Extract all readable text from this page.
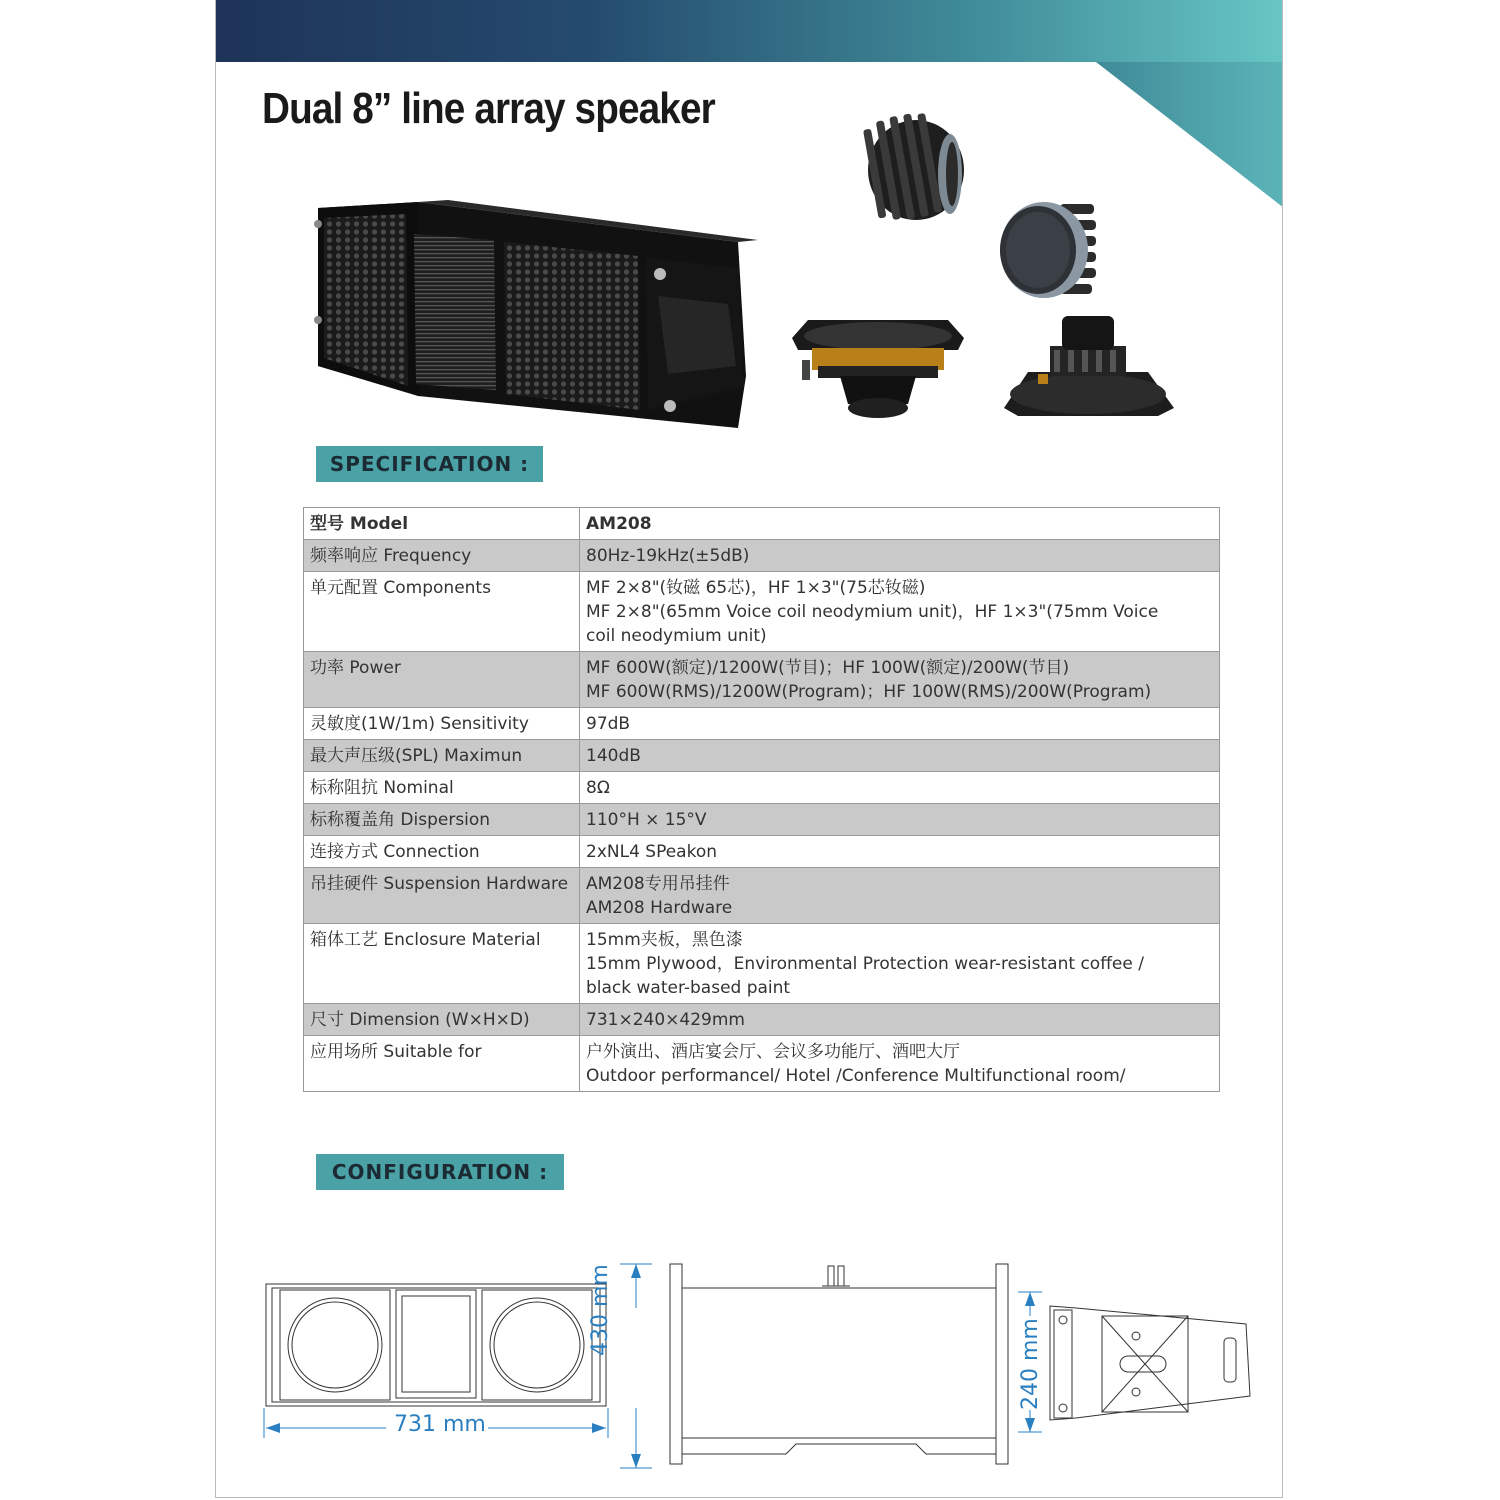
Dual 8” line array speaker
SPECIFICATION :
型号 Model	AM208

频率响应 Frequency	80Hz-19kHz(±5dB)

单元配置 Components	MF 2×8"(钕磁 65芯)，HF 1×3"(75芯钕磁)
MF 2×8"(65mm Voice coil neodymium unit)，HF 1×3"(75mm Voice
coil neodymium unit)

功率 Power	MF 600W(额定)/1200W(节目)；HF 100W(额定)/200W(节目)
MF 600W(RMS)/1200W(Program)；HF 100W(RMS)/200W(Program)

灵敏度(1W/1m) Sensitivity	97dB

最大声压级(SPL) Maximun	140dB

标称阻抗 Nominal	8Ω

标称覆盖角 Dispersion	110°H × 15°V

连接方式 Connection	2xNL4 SPeakon

吊挂硬件 Suspension Hardware	AM208专用吊挂件
AM208 Hardware

箱体工艺 Enclosure Material	15mm夹板，黑色漆
15mm Plywood，Environmental Protection wear-resistant coffee /
black water-based paint

尺寸 Dimension (W×H×D)	731×240×429mm

应用场所 Suitable for	户外演出、酒店宴会厅、会议多功能厅、酒吧大厅
Outdoor performancel/ Hotel /Conference Multifunctional room/
CONFIGURATION :
731 mm
430 mm
240 mm
